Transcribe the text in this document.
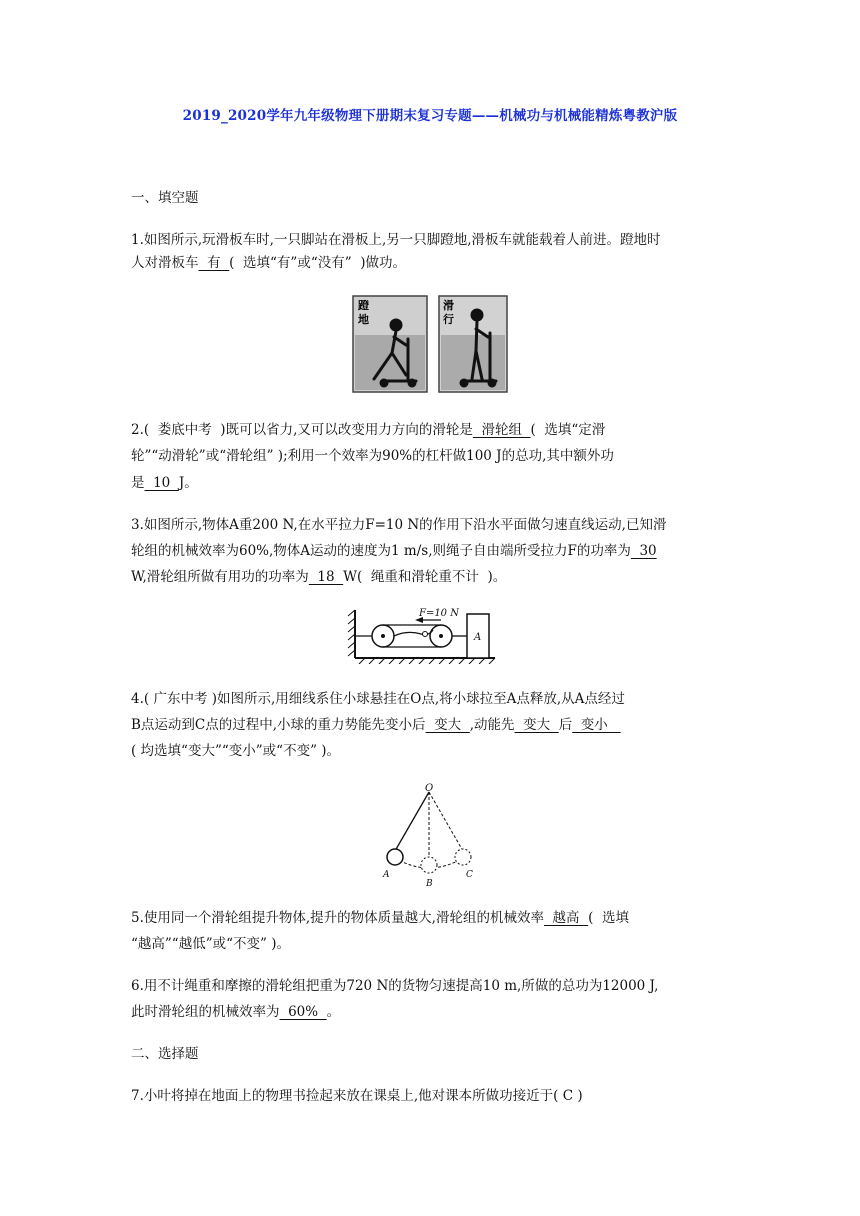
2019_2020学年九年级物理下册期末复习专题——机械功与机械能精炼粤教沪版
一、填空题
1.如图所示,玩滑板车时,一只脚站在滑板上,另一只脚蹬地,滑板车就能载着人前进。蹬地时
人对滑板车  有  (  选填“有”或“没有”  )做功。
蹬
地
滑
行
2.(  娄底中考  )既可以省力,又可以改变用力方向的滑轮是  滑轮组  (  选填“定滑
轮”“动滑轮”或“滑轮组” );利用一个效率为90%的杠杆做100 J的总功,其中额外功
是  10  J。
3.如图所示,物体A重200 N,在水平拉力F=10 N的作用下沿水平面做匀速直线运动,已知滑
轮组的机械效率为60%,物体A运动的速度为1 m/s,则绳子自由端所受拉力F的功率为  30
W,滑轮组所做有用功的功率为  18  W(  绳重和滑轮重不计  )。
F=10 N
A
4.( 广东中考 )如图所示,用细线系住小球悬挂在O点,将小球拉至A点释放,从A点经过
B点运动到C点的过程中,小球的重力势能先变小后  变大  ,动能先  变大  后  变小
( 均选填“变大”“变小”或“不变” )。
O
A
B
C
5.使用同一个滑轮组提升物体,提升的物体质量越大,滑轮组的机械效率  越高  (  选填
“越高”“越低”或“不变” )。
6.用不计绳重和摩擦的滑轮组把重为720 N的货物匀速提高10 m,所做的总功为12000 J,
此时滑轮组的机械效率为  60%  。
二、选择题
7.小叶将掉在地面上的物理书捡起来放在课桌上,他对课本所做功接近于( C )
